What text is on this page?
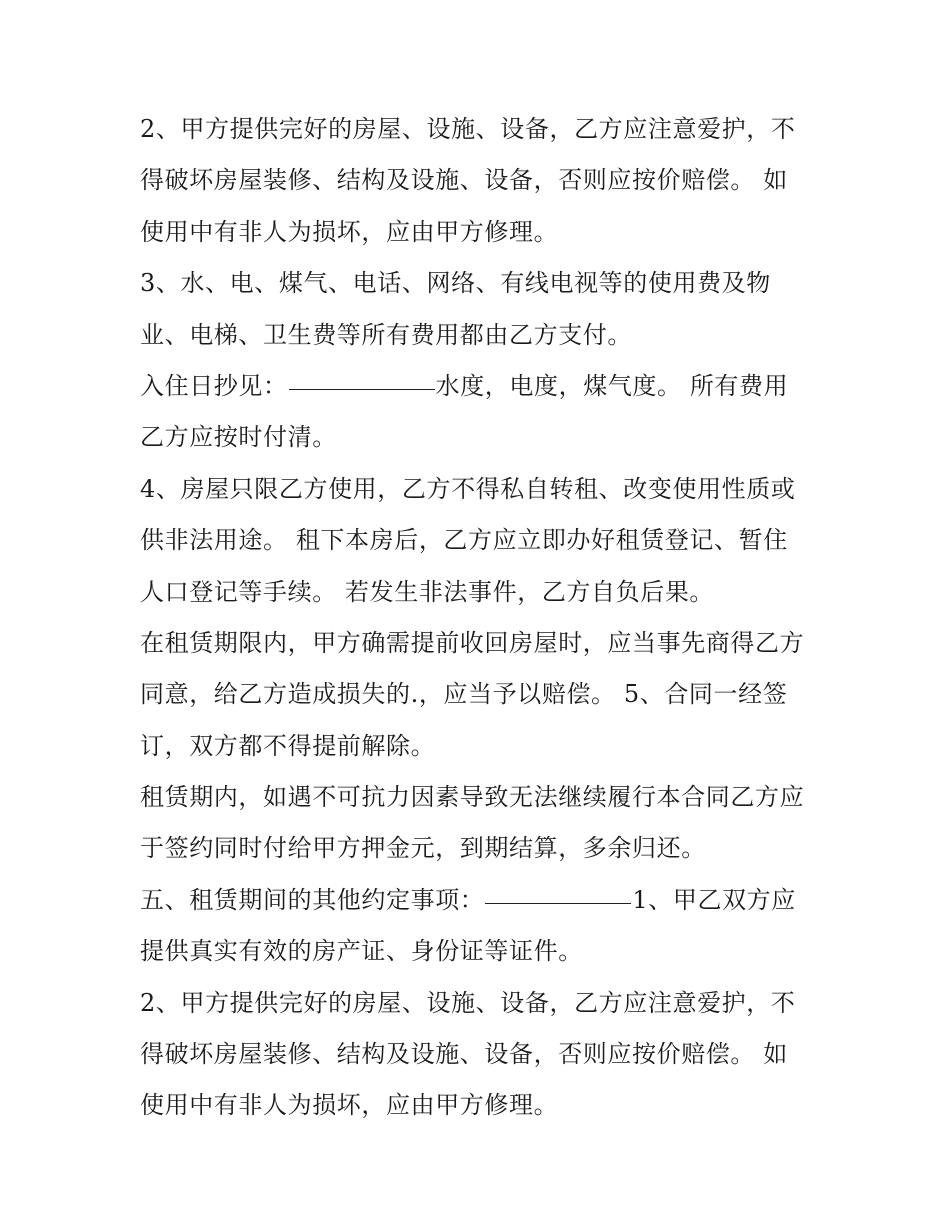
2、甲方提供完好的房屋、设施、设备，乙方应注意爱护，不
得破坏房屋装修、结构及设施、设备，否则应按价赔偿。 如
使用中有非人为损坏，应由甲方修理。
3、水、电、煤气、电话、网络、有线电视等的使用费及物
业、电梯、卫生费等所有费用都由乙方支付。
入住日抄见：	水度，电度，煤气度。 所有费用
乙方应按时付清。
4、房屋只限乙方使用，乙方不得私自转租、改变使用性质或
供非法用途。 租下本房后，乙方应立即办好租赁登记、暂住
人口登记等手续。 若发生非法事件，乙方自负后果。
在租赁期限内，甲方确需提前收回房屋时，应当事先商得乙方
同意，给乙方造成损失的.，应当予以赔偿。 5、合同一经签
订，双方都不得提前解除。
租赁期内，如遇不可抗力因素导致无法继续履行本合同乙方应
于签约同时付给甲方押金元，到期结算，多余归还。
五、租赁期间的其他约定事项：	1、甲乙双方应
提供真实有效的房产证、身份证等证件。
2、甲方提供完好的房屋、设施、设备，乙方应注意爱护，不
得破坏房屋装修、结构及设施、设备，否则应按价赔偿。 如
使用中有非人为损坏，应由甲方修理。
